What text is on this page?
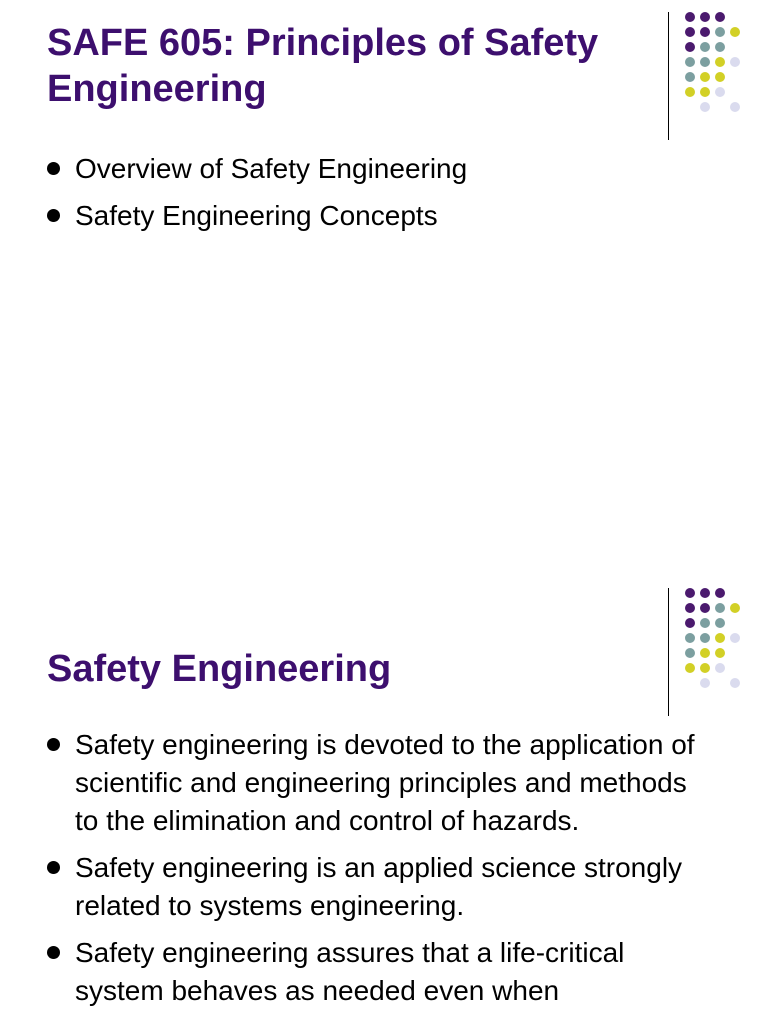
SAFE 605: Principles of Safety Engineering
Overview of Safety Engineering
Safety Engineering Concepts
Safety Engineering
Safety engineering is devoted to the application of scientific and engineering principles and methods to the elimination and control of hazards.
Safety engineering is an applied science strongly related to systems engineering.
Safety engineering assures that a life-critical system behaves as needed even when
